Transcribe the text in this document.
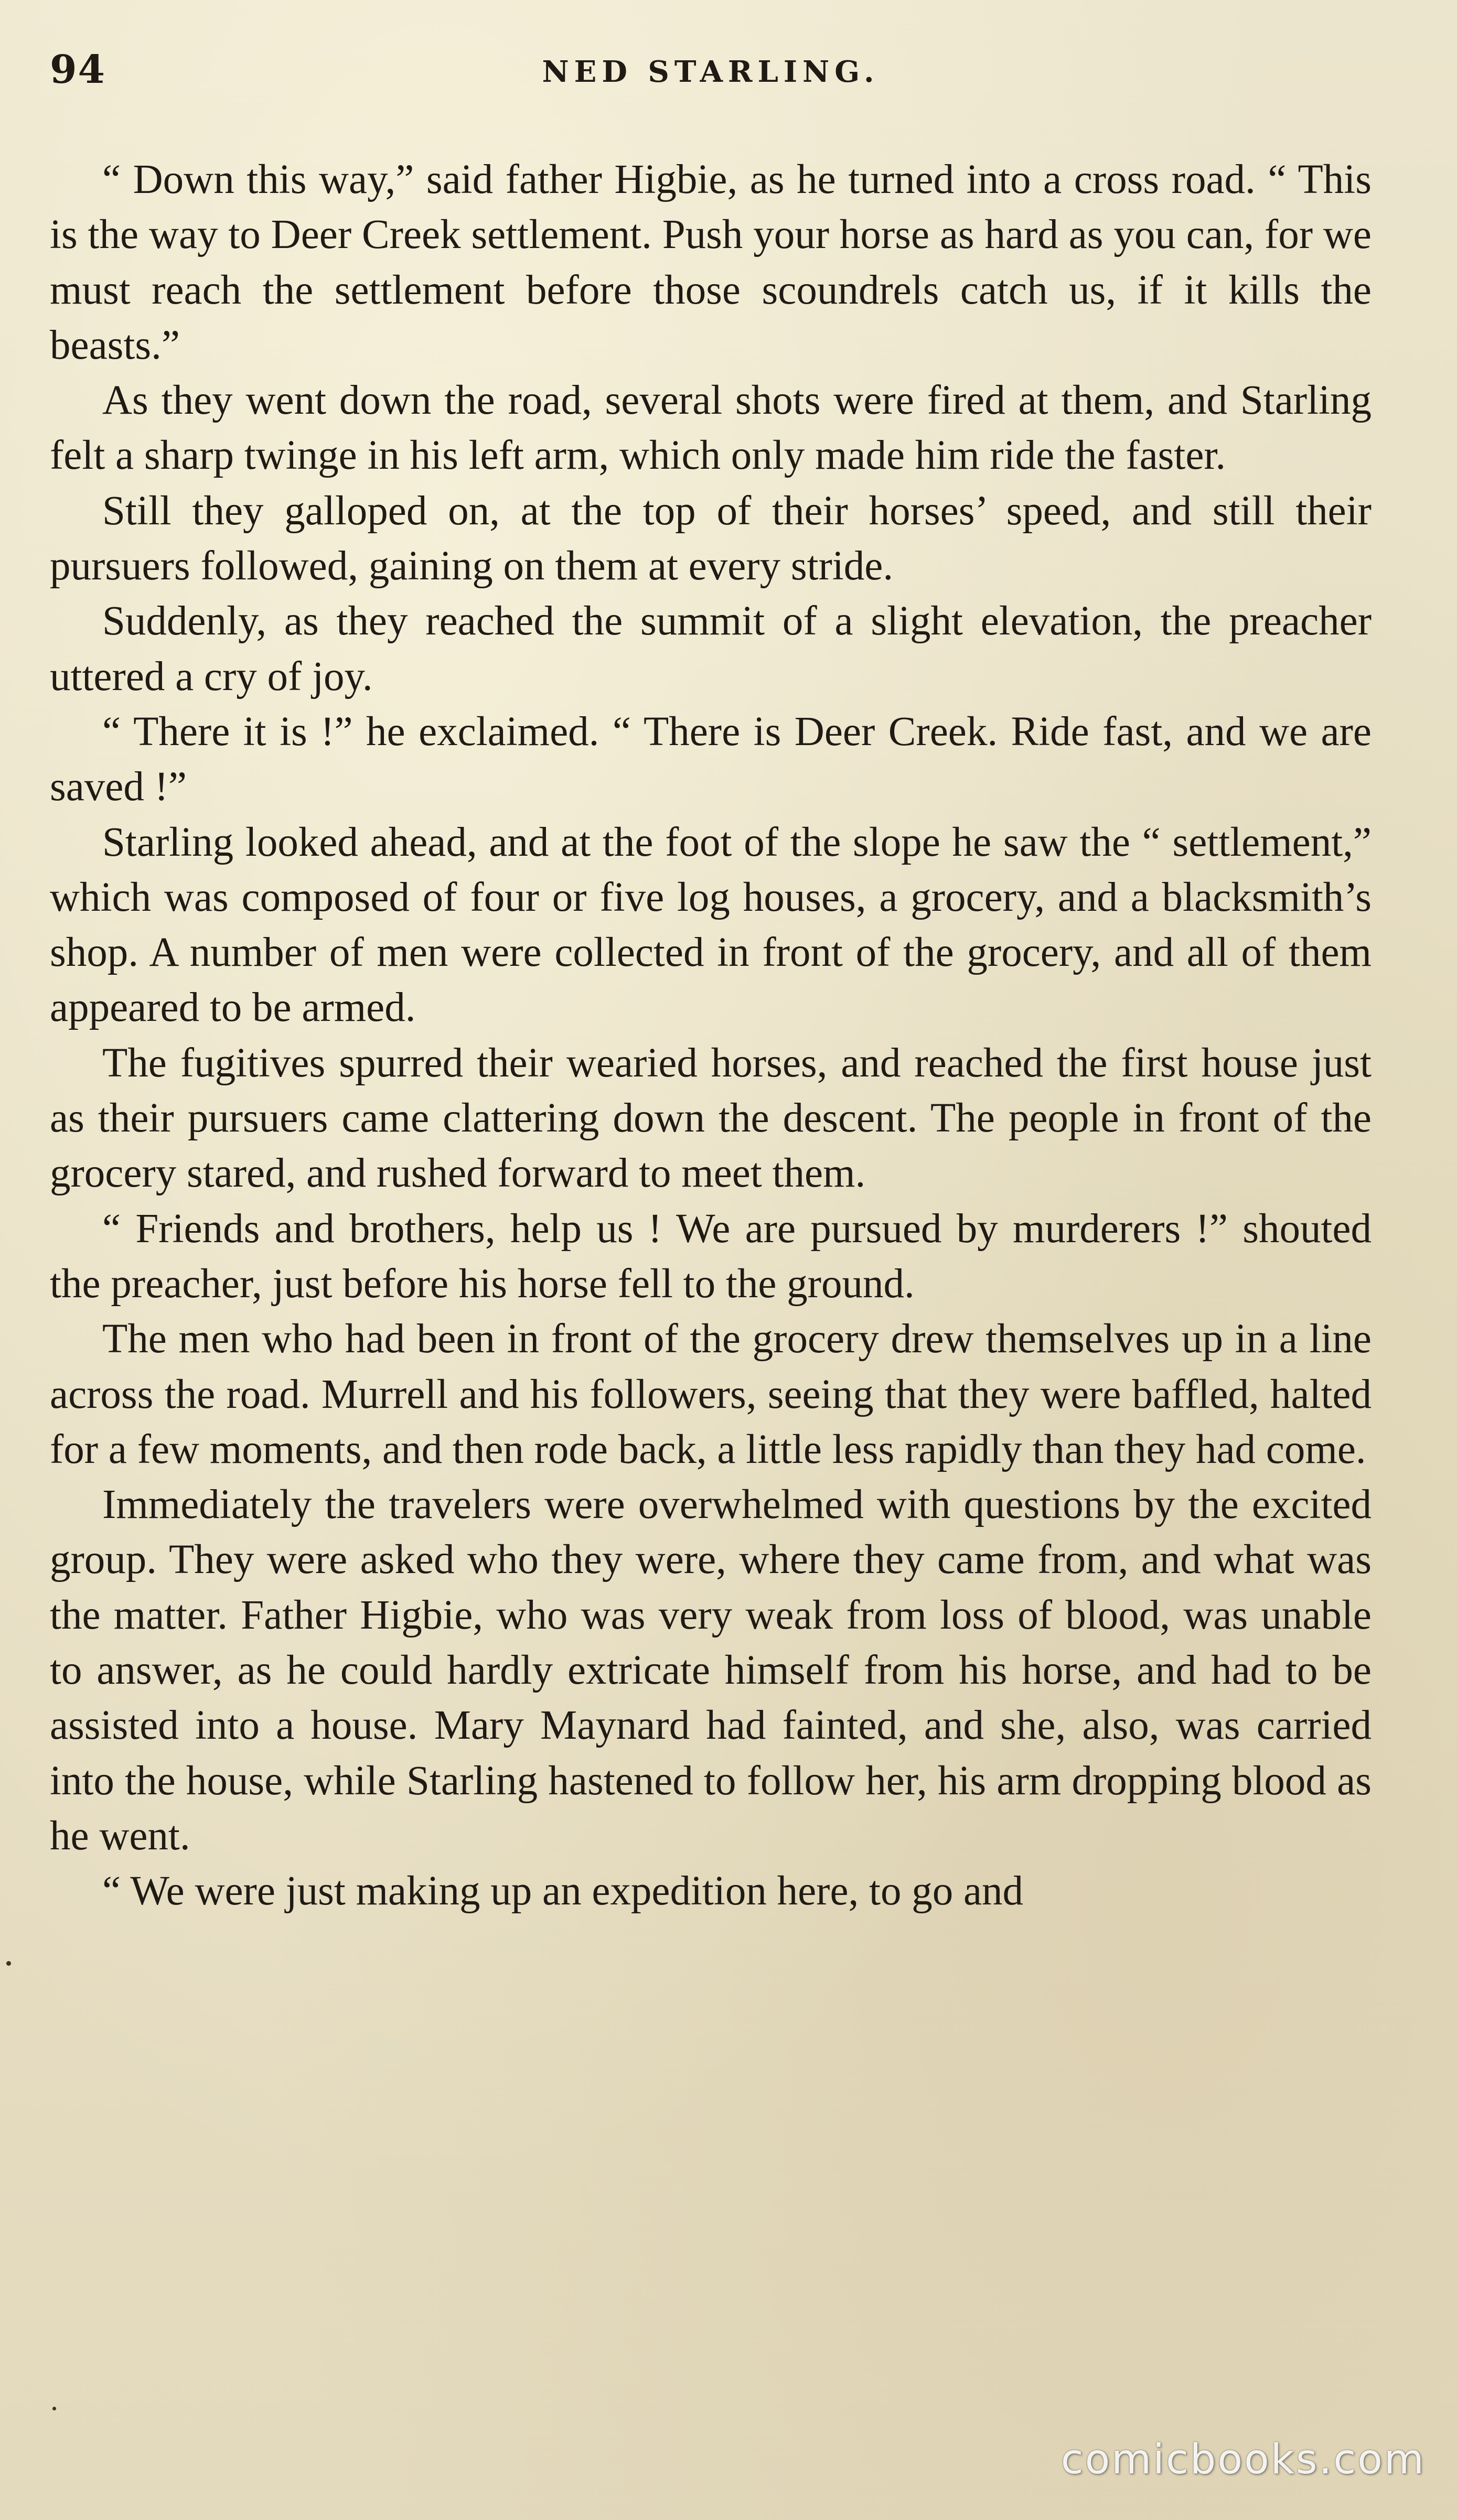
94	NED STARLING.

“ Down this way,” said father Higbie, as he turned into a cross road. “ This is the way to Deer Creek settlement. Push your horse as hard as you can, for we must reach the settlement before those scoundrels catch us, if it kills the beasts.”

As they went down the road, several shots were fired at them, and Starling felt a sharp twinge in his left arm, which only made him ride the faster.

Still they galloped on, at the top of their horses’ speed, and still their pursuers followed, gaining on them at every stride.

Suddenly, as they reached the summit of a slight elevation, the preacher uttered a cry of joy.

“ There it is !” he exclaimed. “ There is Deer Creek. Ride fast, and we are saved !”

Starling looked ahead, and at the foot of the slope he saw the “ settlement,” which was composed of four or five log houses, a grocery, and a blacksmith’s shop. A number of men were collected in front of the grocery, and all of them appeared to be armed.

The fugitives spurred their wearied horses, and reached the first house just as their pursuers came clattering down the descent. The people in front of the grocery stared, and rushed forward to meet them.

“ Friends and brothers, help us ! We are pursued by murderers !” shouted the preacher, just before his horse fell to the ground.

The men who had been in front of the grocery drew themselves up in a line across the road. Murrell and his followers, seeing that they were baffled, halted for a few moments, and then rode back, a little less rapidly than they had come.

Immediately the travelers were overwhelmed with questions by the excited group. They were asked who they were, where they came from, and what was the matter. Father Higbie, who was very weak from loss of blood, was unable to answer, as he could hardly extricate himself from his horse, and had to be assisted into a house. Mary Maynard had fainted, and she, also, was carried into the house, while Starling hastened to follow her, his arm dropping blood as he went.

“ We were just making up an expedition here, to go and

comicbooks.com
